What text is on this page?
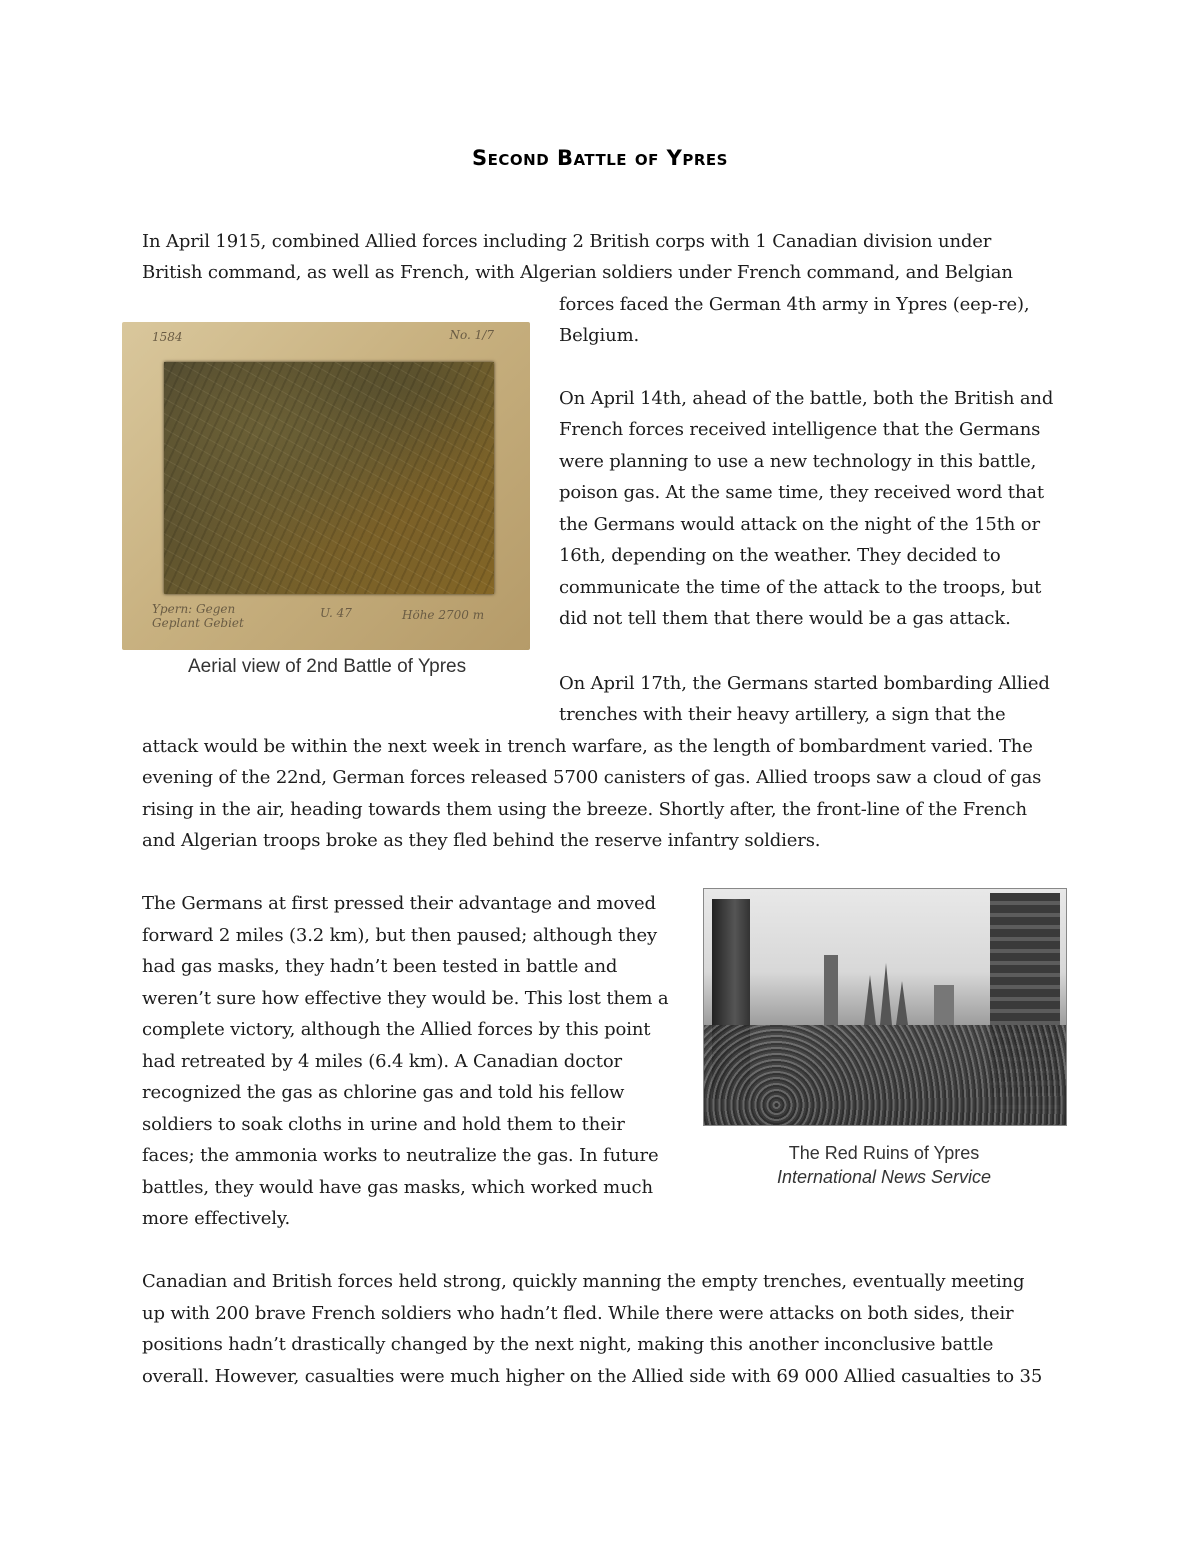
Second Battle of Ypres
In April 1915, combined Allied forces including 2 British corps with 1 Canadian division under
British command, as well as French, with Algerian soldiers under French command, and Belgian
forces faced the German 4th army in Ypres (eep-re),
Belgium.
1584	No. 1/7
Ypern: Gegen Geplant Gebiet
U. 47	Höhe 2700 m
Aerial view of 2nd Battle of Ypres
On April 14th, ahead of the battle, both the British and
French forces received intelligence that the Germans
were planning to use a new technology in this battle,
poison gas. At the same time, they received word that
the Germans would attack on the night of the 15th or
16th, depending on the weather. They decided to
communicate the time of the attack to the troops, but
did not tell them that there would be a gas attack.
On April 17th, the Germans started bombarding Allied
trenches with their heavy artillery, a sign that the
attack would be within the next week in trench warfare, as the length of bombardment varied. The
evening of the 22nd, German forces released 5700 canisters of gas. Allied troops saw a cloud of gas
rising in the air, heading towards them using the breeze. Shortly after, the front-line of the French
and Algerian troops broke as they fled behind the reserve infantry soldiers.
The Germans at first pressed their advantage and moved
forward 2 miles (3.2 km), but then paused; although they
had gas masks, they hadn’t been tested in battle and
weren’t sure how effective they would be. This lost them a
complete victory, although the Allied forces by this point
had retreated by 4 miles (6.4 km). A Canadian doctor
recognized the gas as chlorine gas and told his fellow
soldiers to soak cloths in urine and hold them to their
faces; the ammonia works to neutralize the gas. In future
battles, they would have gas masks, which worked much
more effectively.
The Red Ruins of Ypres
International News Service
Canadian and British forces held strong, quickly manning the empty trenches, eventually meeting
up with 200 brave French soldiers who hadn’t fled. While there were attacks on both sides, their
positions hadn’t drastically changed by the next night, making this another inconclusive battle
overall. However, casualties were much higher on the Allied side with 69 000 Allied casualties to 35
